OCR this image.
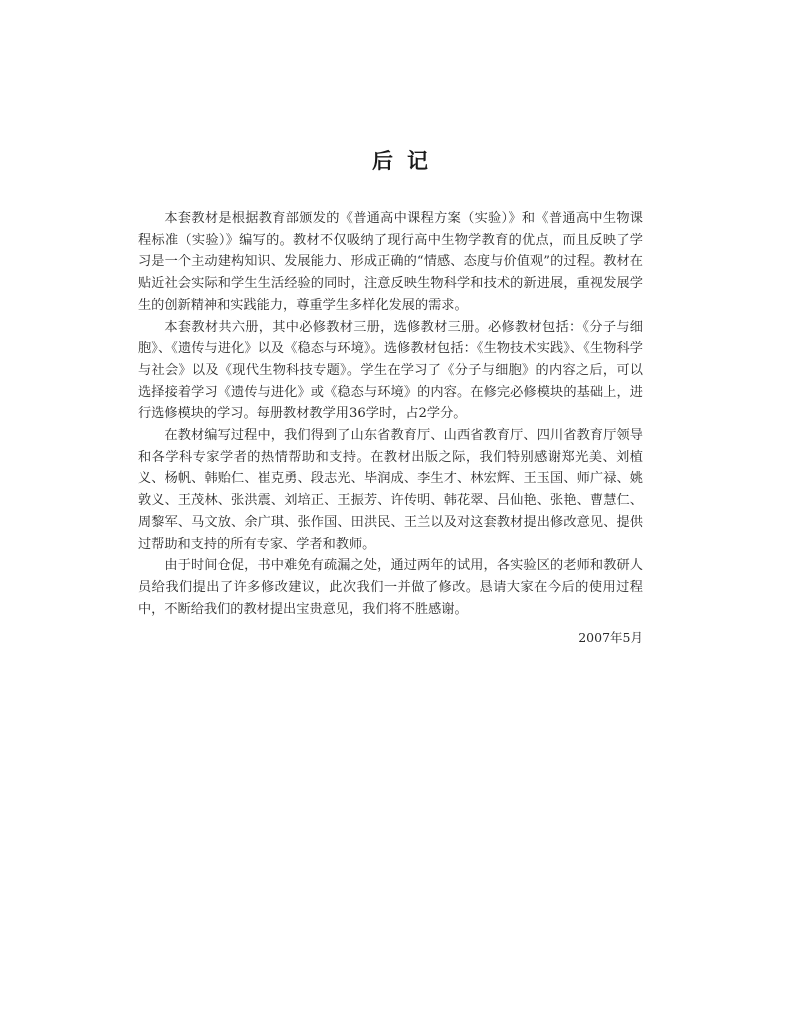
后记

本套教材是根据教育部颁发的《普通高中课程方案（实验）》和《普通高中生物课程标准（实验）》编写的。教材不仅吸纳了现行高中生物学教育的优点，而且反映了学习是一个主动建构知识、发展能力、形成正确的“情感、态度与价值观”的过程。教材在贴近社会实际和学生生活经验的同时，注意反映生物科学和技术的新进展，重视发展学生的创新精神和实践能力，尊重学生多样化发展的需求。

本套教材共六册，其中必修教材三册，选修教材三册。必修教材包括：《分子与细胞》、《遗传与进化》以及《稳态与环境》。选修教材包括：《生物技术实践》、《生物科学与社会》以及《现代生物科技专题》。学生在学习了《分子与细胞》的内容之后，可以选择接着学习《遗传与进化》或《稳态与环境》的内容。在修完必修模块的基础上，进行选修模块的学习。每册教材教学用36学时，占2学分。

在教材编写过程中，我们得到了山东省教育厅、山西省教育厅、四川省教育厅领导和各学科专家学者的热情帮助和支持。在教材出版之际，我们特别感谢郑光美、刘植义、杨帆、韩贻仁、崔克勇、段志光、毕润成、李生才、林宏辉、王玉国、师广禄、姚敦义、王茂林、张洪震、刘培正、王振芳、许传明、韩花翠、吕仙艳、张艳、曹慧仁、周黎军、马文放、余广琪、张作国、田洪民、王兰以及对这套教材提出修改意见、提供过帮助和支持的所有专家、学者和教师。

由于时间仓促，书中难免有疏漏之处，通过两年的试用，各实验区的老师和教研人员给我们提出了许多修改建议，此次我们一并做了修改。恳请大家在今后的使用过程中，不断给我们的教材提出宝贵意见，我们将不胜感谢。

2007年5月
